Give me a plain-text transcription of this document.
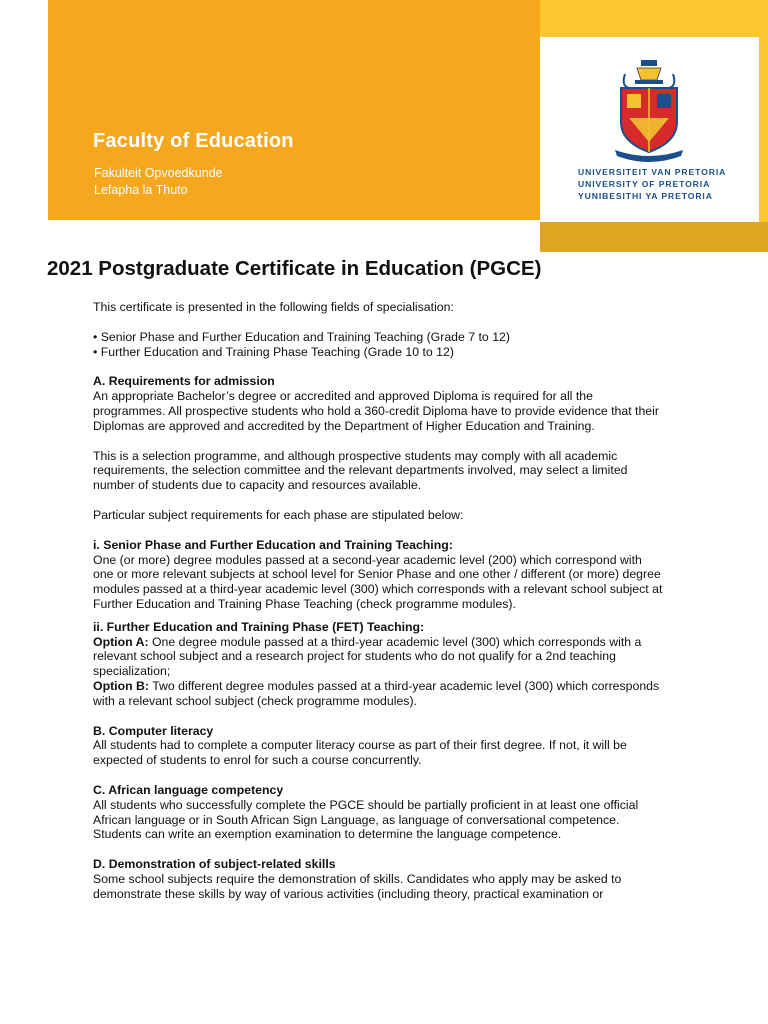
Faculty of Education
Fakulteit Opvoedkunde
Lefapha la Thuto
UNIVERSITEIT VAN PRETORIA
UNIVERSITY OF PRETORIA
YUNIBESITHI YA PRETORIA
2021 Postgraduate Certificate in Education (PGCE)

This certificate is presented in the following fields of specialisation:

• Senior Phase and Further Education and Training Teaching (Grade 7 to 12)
• Further Education and Training Phase Teaching (Grade 10 to 12)

A. Requirements for admission
An appropriate Bachelor’s degree or accredited and approved Diploma is required for all the programmes. All prospective students who hold a 360-credit Diploma have to provide evidence that their Diplomas are approved and accredited by the Department of Higher Education and Training.

This is a selection programme, and although prospective students may comply with all academic requirements, the selection committee and the relevant departments involved, may select a limited number of students due to capacity and resources available.

Particular subject requirements for each phase are stipulated below:

i. Senior Phase and Further Education and Training Teaching:
One (or more) degree modules passed at a second-year academic level (200) which correspond with one or more relevant subjects at school level for Senior Phase and one other / different (or more) degree modules passed at a third-year academic level (300) which corresponds with a relevant school subject at Further Education and Training Phase Teaching (check programme modules).

ii. Further Education and Training Phase (FET) Teaching:
Option A: One degree module passed at a third-year academic level (300) which corresponds with a relevant school subject and a research project for students who do not qualify for a 2nd teaching specialization;
Option B: Two different degree modules passed at a third-year academic level (300) which corresponds with a relevant school subject (check programme modules).

B. Computer literacy
All students had to complete a computer literacy course as part of their first degree. If not, it will be expected of students to enrol for such a course concurrently.

C. African language competency
All students who successfully complete the PGCE should be partially proficient in at least one official African language or in South African Sign Language, as language of conversational competence. Students can write an exemption examination to determine the language competence.

D. Demonstration of subject-related skills
Some school subjects require the demonstration of skills. Candidates who apply may be asked to demonstrate these skills by way of various activities (including theory, practical examination or
